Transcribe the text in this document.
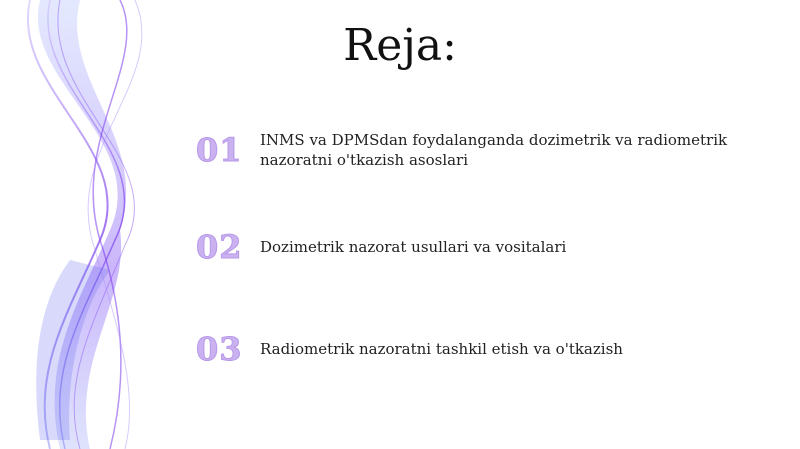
Reja:
01	INMS va DPMSdan foydalanganda dozimetrik va radiometrik
nazoratni o'tkazish asoslari
02	Dozimetrik nazorat usullari va vositalari
03	Radiometrik nazoratni tashkil etish va o'tkazish
